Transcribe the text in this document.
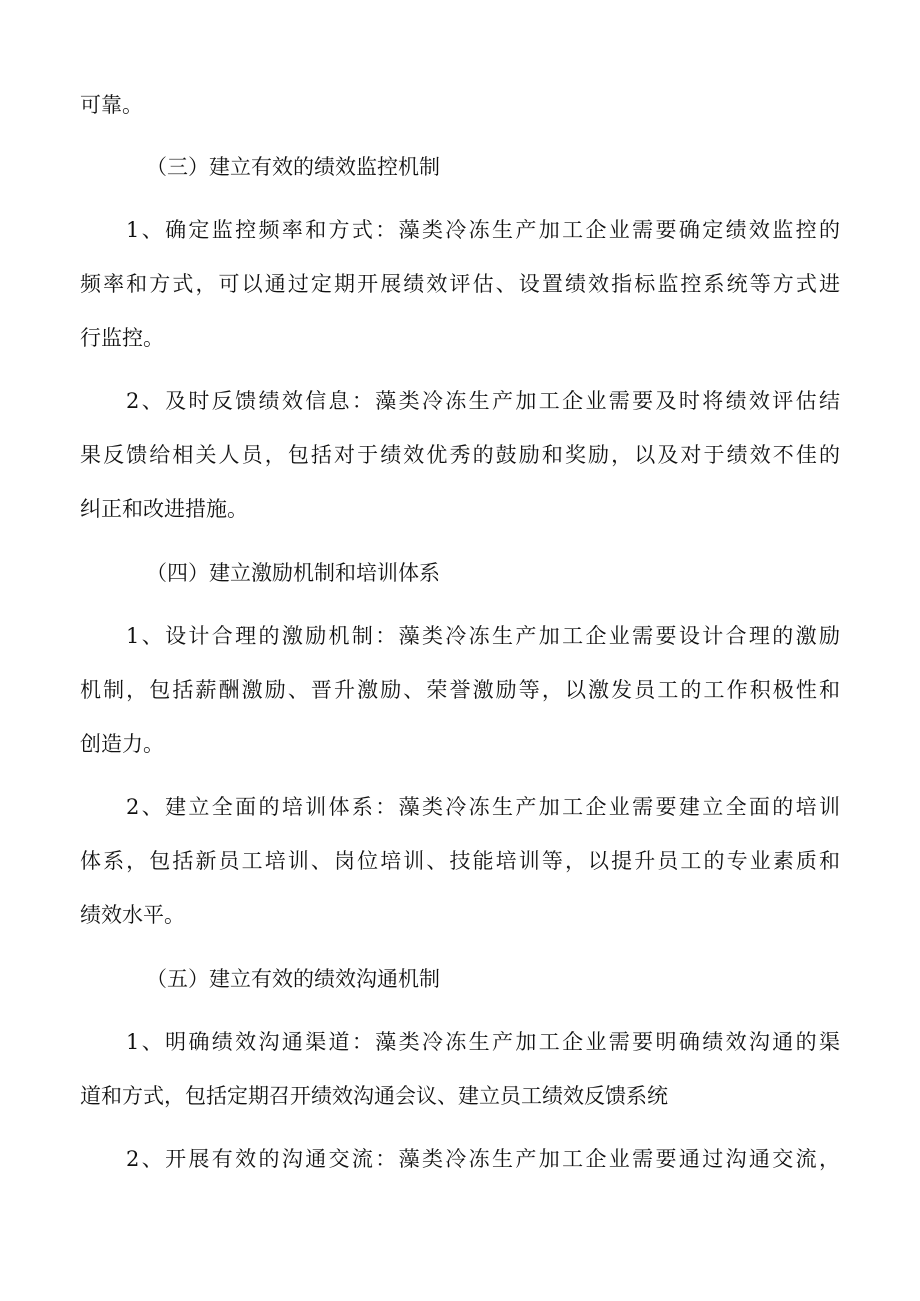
可靠。
（三）建立有效的绩效监控机制
1、确定监控频率和方式：藻类冷冻生产加工企业需要确定绩效监控的
频率和方式，可以通过定期开展绩效评估、设置绩效指标监控系统等方式进
行监控。
2、及时反馈绩效信息：藻类冷冻生产加工企业需要及时将绩效评估结
果反馈给相关人员，包括对于绩效优秀的鼓励和奖励，以及对于绩效不佳的
纠正和改进措施。
（四）建立激励机制和培训体系
1、设计合理的激励机制：藻类冷冻生产加工企业需要设计合理的激励
机制，包括薪酬激励、晋升激励、荣誉激励等，以激发员工的工作积极性和
创造力。
2、建立全面的培训体系：藻类冷冻生产加工企业需要建立全面的培训
体系，包括新员工培训、岗位培训、技能培训等，以提升员工的专业素质和
绩效水平。
（五）建立有效的绩效沟通机制
1、明确绩效沟通渠道：藻类冷冻生产加工企业需要明确绩效沟通的渠
道和方式，包括定期召开绩效沟通会议、建立员工绩效反馈系统
2、开展有效的沟通交流：藻类冷冻生产加工企业需要通过沟通交流，
